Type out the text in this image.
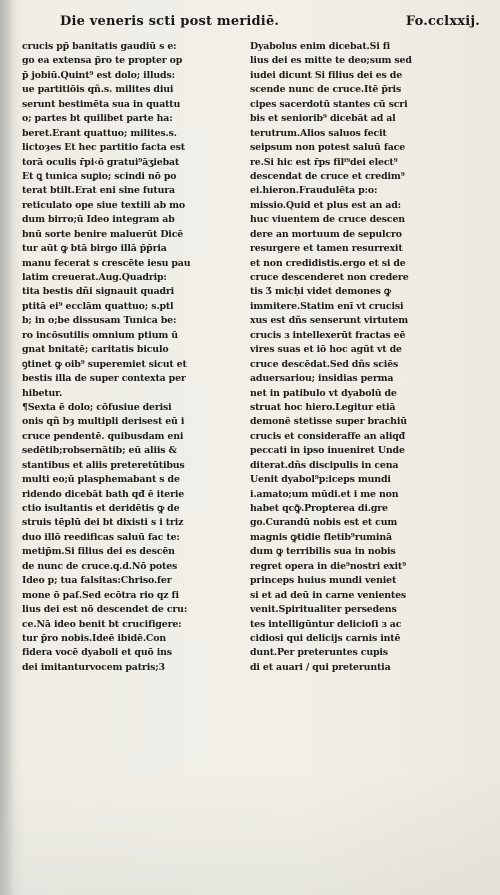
Die veneris scti post meridiē.	Fo.cclxxij.
crucis pp̄ banitatis gaudiū s e:
go ea extensa p̄ro te propter op
p̄ jobiū.Quint⁹ est dolo; illuds:
ue partitiōis qñ.s. milites diui
serunt bestimēta sua in quattu
o; partes bt quilibet parte ha:
beret.Erant quattuo; milites.s.
lictoȝes Et hec partitio facta est
torā oculis r̄pi‹ō gratui⁹āʒiebat
Et ꝗ tunica suꝑio; scindi nō po
terat btilt.Erat eni sine futura
reticulato ope siue textili ab mo
dum birro;ū Ideo integram ab
bnū sorte benire maluerūt Dicē
tur aūt ꝙ btā birgo illā p̄p̄ria
manu fecerat s crescēte iesu pau
latim creuerat.Aug.Quadrip:
tita bestis dñi signauit quadri
ptitā ei⁹ ecclām quattuo; s.ptl
b; in o;be dissusam Tunica be:
ro incōsutilis omnium ptium ū
gnat bnitatē; caritatis biculo
ꝯtinet ꝙ oib⁹ superemiet sicut et
bestis illa de super contexta per
hibetur.
¶Sexta ē dolo; cōfusiue derisi
onis qñ bȝ multipli derisest eū i
cruce pendentē. quibusdam eni
sedētib;robsernātib; eū aliis &
stantibus et aliis preteretūtibus
multi eo;ū plasphemabant s de
ridendo dicebāt bath qđ ē iterie
ctio isultantis et deridētis ꝙ de
struis tēplū dei bt dixisti s i triz
duo illō reedificas saluū fac te:
metip̄m.Si filius dei es descēn
de nunc de cruce.q.d.Nō potes
Ideo p; tua falsitas:Chriso.fer
mone ō paſ.Sed ecōtra rio qz fi
lius dei est nō descendet de cru:
ce.Nā ideo benit bt crucifigere:
tur p̄ro nobis.Ideē ibidē.Con
fidera vocē dyaboli et quō ins
dei imitanturvocem patris;3
Dyabolus enim dicebat.Si fi
lius dei es mitte te deo;sum sed
iudei dicunt Si filius dei es de
scende nunc de cruce.Itē p̄ris
cipes sacerdotū stantes cū scri
bis et seniorib⁹ dicebāt ad al
terutrum.Alios saluos fecit
seipsum non potest saluū face
re.Si hic est r̄ps filⁱ⁹dei elect⁹
descendat de cruce et credim⁹
ei.hieron.Fraudulēta p:o:
missio.Quid et plus est an ad:
huc viuentem de cruce descen
dere an mortuum de sepulcro
resurgere et tamen resurrexit
et non credidistis.ergo et si de
cruce descenderet non credere
tis Ʒ micḥi videt demones ꝙ
immitere.Statim enī vt crucisi
xus est dñs senserunt virtutem
crucis ɜ intellexerūt fractas eē
vires suas et iō hoc agūt vt de
cruce descēdat.Sed dñs sciēs
aduersariou; insidias perma
net in patibulo vt dyabolū de
struat hoc hiero.Legitur etiā
demonē stetisse super brachiū
crucis et consideraffe an aliqđ
peccati in ipso inueniret Unde
diterat.dñs discipulis in cena
Uenit dyabol⁹p:iceps mundi
i.amato;um mūdi.et i me non
habet qcꝙ̄.Propterea di.gre
go.Curandū nobis est et cum
magnis ꝙtidie fletib⁹ruminā
dum ꝙ terribilis sua in nobis
regret opera in die⁹nostri exit⁹
princeps huius mundi veniet
si et ad deū in carne venientes
venit.Spiritualiter persedens
tes intelligūntur delicioſi ɜ ac
cidiosi qui delicijs carnis intē
dunt.Per preteruntes cupis
di et auari / qui preteruntia
